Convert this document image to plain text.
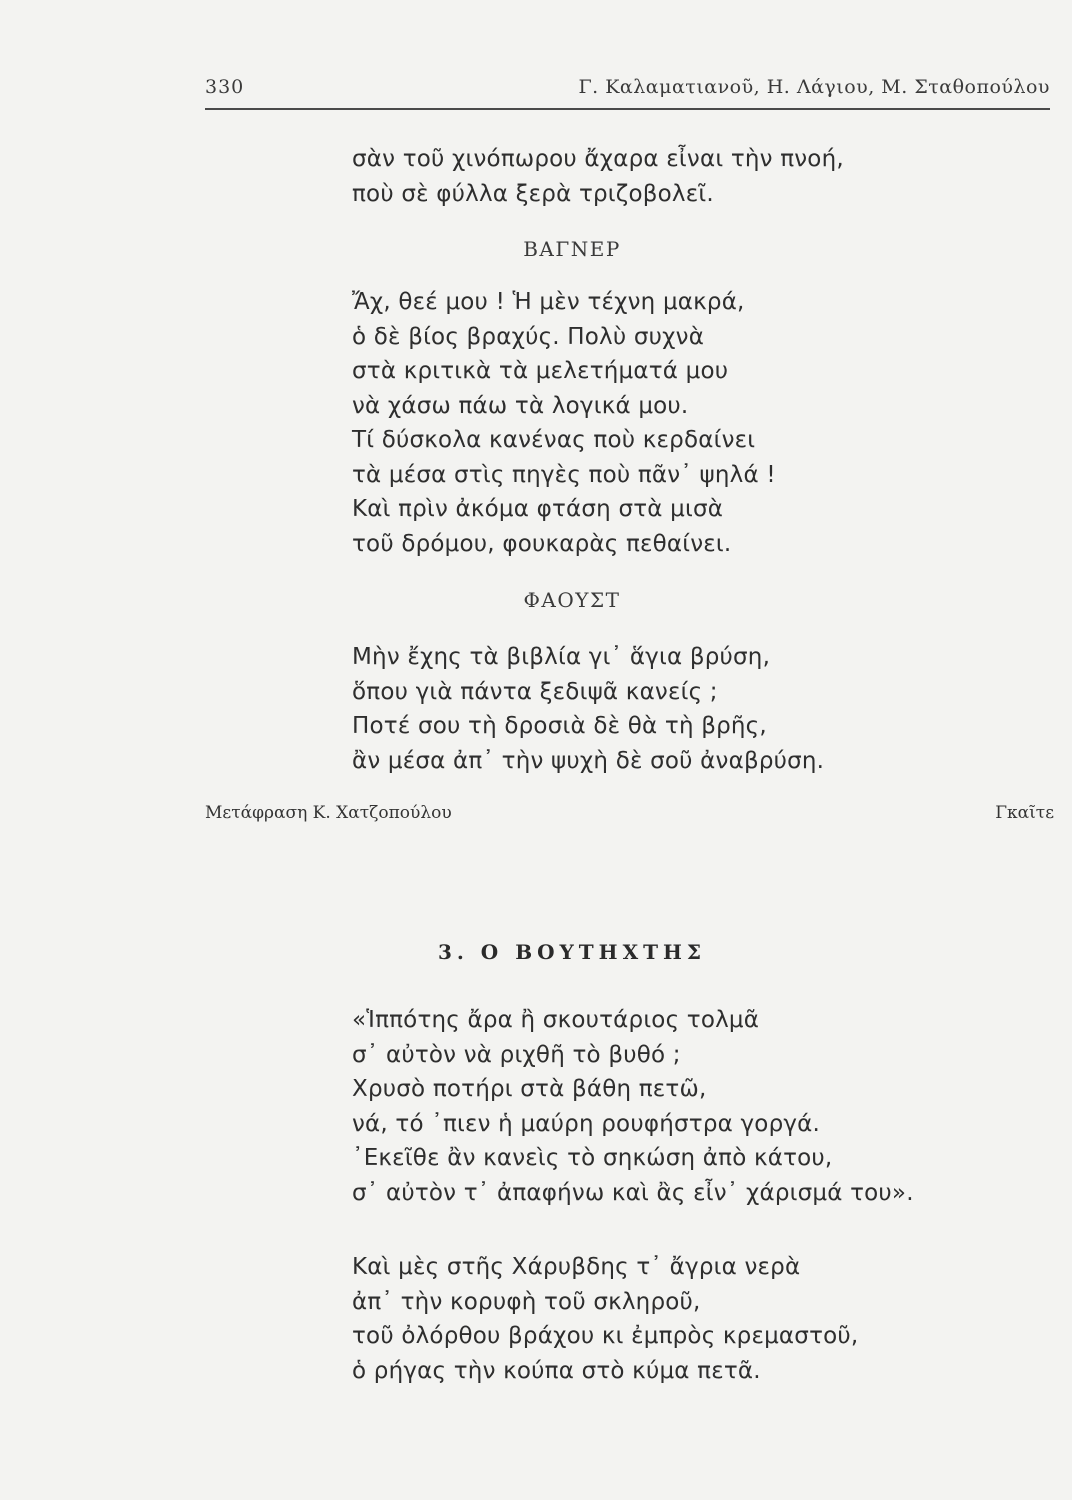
330	Γ. Καλαματιανοῦ, Η. Λάγιου, Μ. Σταθοπούλου
σὰν τοῦ χινόπωρου ἄχαρα εἶναι τὴν πνοή,
ποὺ σὲ φύλλα ξερὰ τριζοβολεῖ.
ΒΑΓΝΕΡ
Ἄχ, θεέ μου ! Ἡ μὲν τέχνη μακρά,
ὁ δὲ βίος βραχύς. Πολὺ συχνὰ
στὰ κριτικὰ τὰ μελετήματά μου
νὰ χάσω πάω τὰ λογικά μου.
Τί δύσκολα κανένας ποὺ κερδαίνει
τὰ μέσα στὶς πηγὲς ποὺ πᾶν᾽ ψηλά !
Καὶ πρὶν ἀκόμα φτάση στὰ μισὰ
τοῦ δρόμου, φουκαρὰς πεθαίνει.
ΦΑΟΥΣΤ
Μὴν ἔχης τὰ βιβλία γι᾽ ἅγια βρύση,
ὅπου γιὰ πάντα ξεδιψᾶ κανείς ;
Ποτέ σου τὴ δροσιὰ δὲ θὰ τὴ βρῆς,
ἂν μέσα ἀπ᾽ τὴν ψυχὴ δὲ σοῦ ἀναβρύση.
Μετάφραση Κ. Χατζοπούλου	Γκαῖτε
3. Ο ΒΟΥΤΗΧΤΗΣ
«Ἱππότης ἄρα ἢ σκουτάριος τολμᾶ
σ᾽ αὐτὸν νὰ ριχθῆ τὸ βυθό ;
Χρυσὸ ποτήρι στὰ βάθη πετῶ,
νά, τό ᾽πιεν ἡ μαύρη ρουφήστρα γοργά.
᾽Εκεῖθε ἂν κανεὶς τὸ σηκώση ἀπὸ κάτου,
σ᾽ αὐτὸν τ᾽ ἀπαφήνω καὶ ἂς εἶν᾽ χάρισμά του».
Καὶ μὲς στῆς Χάρυβδης τ᾽ ἄγρια νερὰ
ἀπ᾽ τὴν κορυφὴ τοῦ σκληροῦ,
τοῦ ὀλόρθου βράχου κι ἐμπρὸς κρεμαστοῦ,
ὁ ρήγας τὴν κούπα στὸ κύμα πετᾶ.
